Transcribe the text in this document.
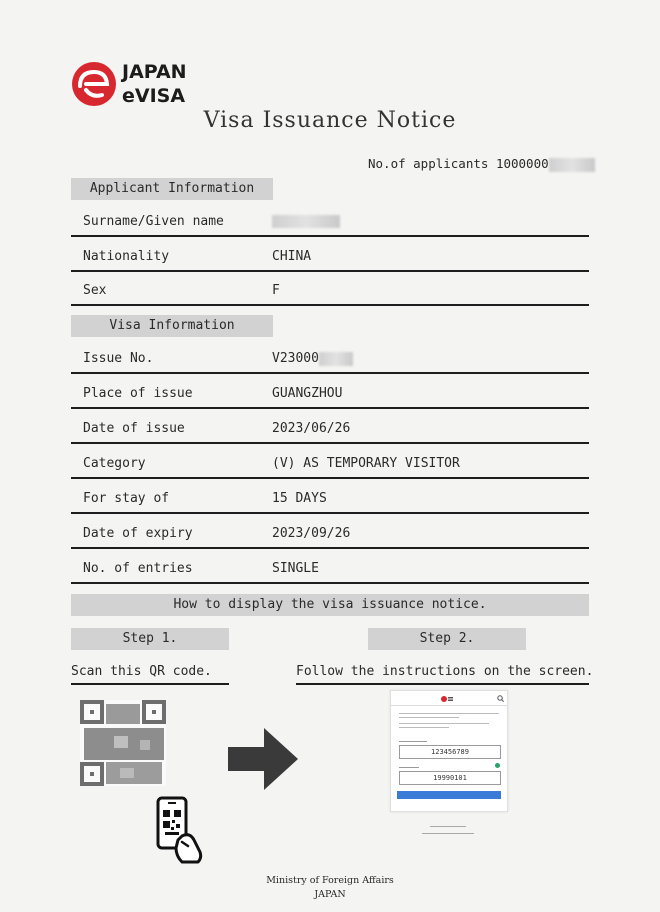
JAPAN
eVISA
Visa Issuance Notice
No.of applicants 1000000
Applicant Information
Surname/Given name
Nationality	CHINA
Sex	F
Visa Information
Issue No.	V23000
Place of issue	GUANGZHOU
Date of issue	2023/06/26
Category	(V) AS TEMPORARY VISITOR
For stay of	15 DAYS
Date of expiry	2023/09/26
No. of entries	SINGLE
How to display the visa issuance notice.
Step 1.	Step 2.
Scan this QR code.	Follow the instructions on the screen.
123456789
19990101
Ministry of Foreign Affairs
JAPAN
